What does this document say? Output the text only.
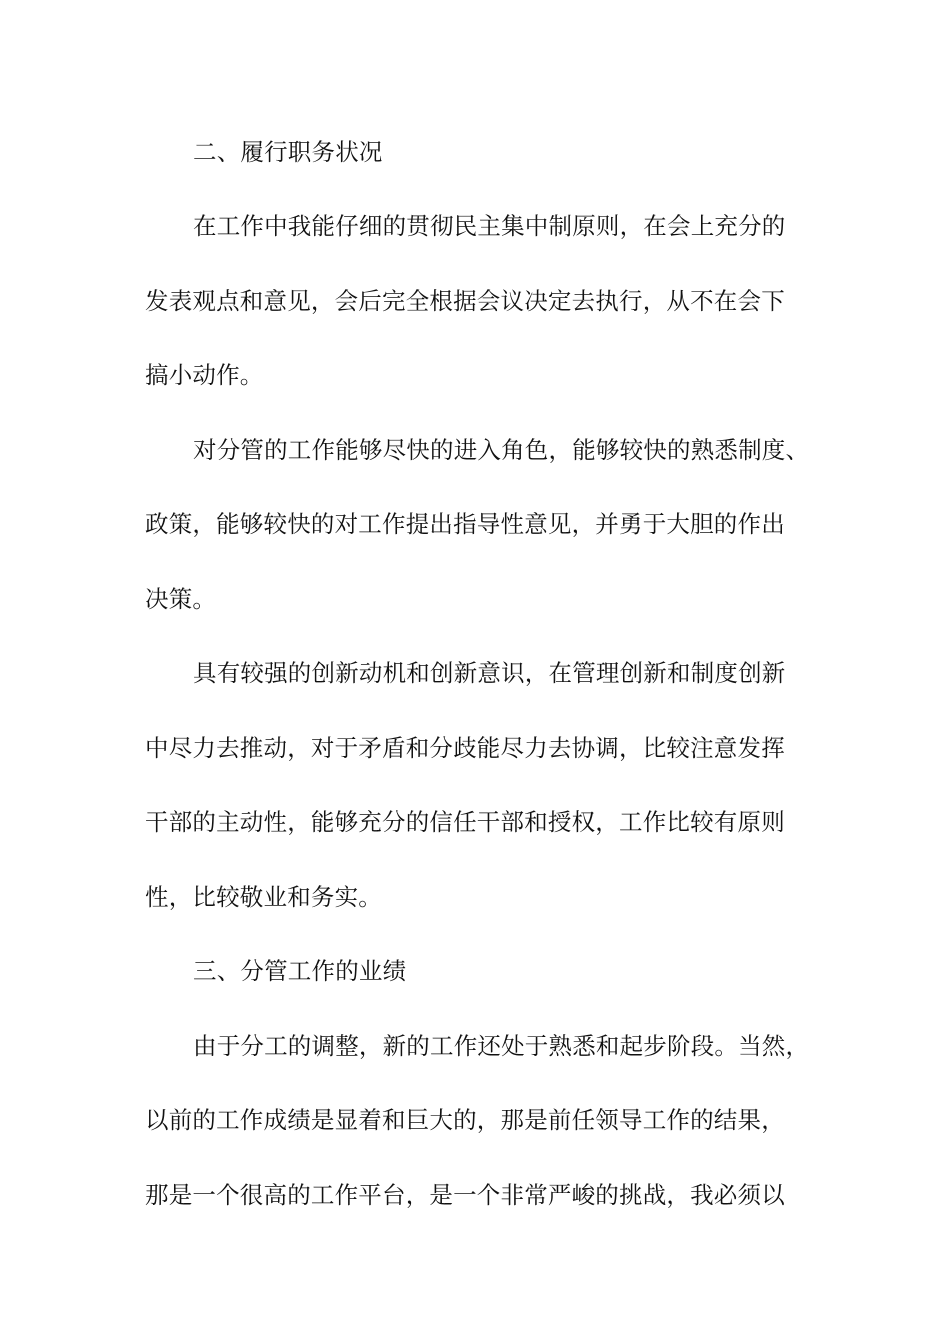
二、履行职务状况

在工作中我能仔细的贯彻民主集中制原则，在会上充分的

发表观点和意见，会后完全根据会议决定去执行，从不在会下

搞小动作。

对分管的工作能够尽快的进入角色，能够较快的熟悉制度、

政策，能够较快的对工作提出指导性意见，并勇于大胆的作出

决策。

具有较强的创新动机和创新意识，在管理创新和制度创新

中尽力去推动，对于矛盾和分歧能尽力去协调，比较注意发挥

干部的主动性，能够充分的信任干部和授权，工作比较有原则

性，比较敬业和务实。

三、分管工作的业绩

由于分工的调整，新的工作还处于熟悉和起步阶段。当然，

以前的工作成绩是显着和巨大的，那是前任领导工作的结果，

那是一个很高的工作平台，是一个非常严峻的挑战，我必须以
